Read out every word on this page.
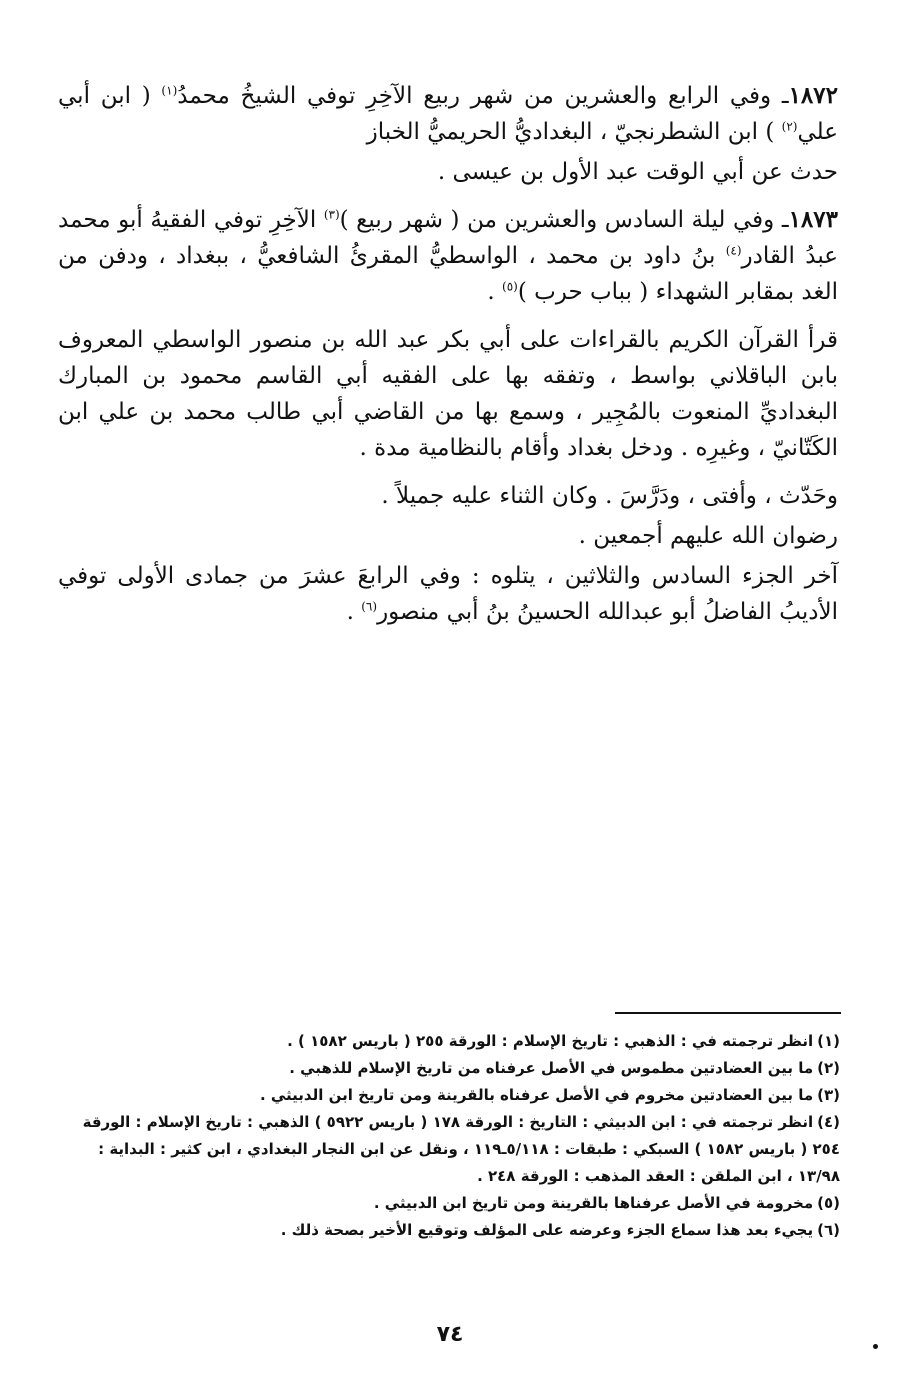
١٨٧٢ـ وفي الرابع والعشرين من شهر ربيع الآخِرِ توفي الشيخُ محمدُ$^{(١)}$ ( ابن أبي علي$^{(٢)}$ ) ابن الشطرنجيّ ، البغداديُّ الحريميُّ الخباز

حدث عن أبي الوقت عبد الأول بن عيسى .

١٨٧٣ـ وفي ليلة السادس والعشرين من ( شهر ربيع )$^{(٣)}$ الآخِرِ توفي الفقيهُ أبو محمد عبدُ القادر$^{(٤)}$ بنُ داود بن محمد ، الواسطيُّ المقرئُ الشافعيُّ ، ببغداد ، ودفن من الغد بمقابر الشهداء ( بباب حرب )$^{(٥)}$ .

قرأ القرآن الكريم بالقراءات على أبي بكر عبد الله بن منصور الواسطي المعروف بابن الباقلاني بواسط ، وتفقه بها على الفقيه أبي القاسم محمود بن المبارك البغداديِّ المنعوت بالمُجِير ، وسمع بها من القاضي أبي طالب محمد بن علي ابن الكَتّانيّ ، وغيرِه . ودخل بغداد وأقام بالنظامية مدة .

وحَدّث ، وأفتى ، ودَرَّسَ . وكان الثناء عليه جميلاً .

رضوان الله عليهم أجمعين .

آخر الجزء السادس والثلاثين ، يتلوه : وفي الرابعَ عشرَ من جمادى الأولى توفي الأديبُ الفاضلُ أبو عبدالله الحسينُ بنُ أبي منصور$^{(٦)}$ .

(١)انظر ترجمته في : الذهبي : تاريخ الإسلام : الورقة ٢٥٥ ( باريس ١٥٨٢ ) .

(٢)ما بين العضادتين مطموس في الأصل عرفناه من تاريخ الإسلام للذهبي .

(٣)ما بين العضادتين مخروم في الأصل عرفناه بالقرينة ومن تاريخ ابن الدبيثي .

(٤)انظر ترجمته في : ابن الدبيثي : التاريخ : الورقة ١٧٨ ( باريس ٥٩٢٢ ) الذهبي : تاريخ الإسلام : الورقة ٢٥٤ ( باريس ١٥٨٢ ) السبكي : طبقات : ٥/١١٨ـ١١٩ ، ونقل عن ابن النجار البغدادي ، ابن كثير : البداية : ١٣/٩٨ ، ابن الملقن : العقد المذهب : الورقة ٢٤٨ .

(٥)مخرومة في الأصل عرفناها بالقرينة ومن تاريخ ابن الدبيثي .

(٦)يجيء بعد هذا سماع الجزء وعرضه على المؤلف وتوقيع الأخير بصحة ذلك .

٧٤
